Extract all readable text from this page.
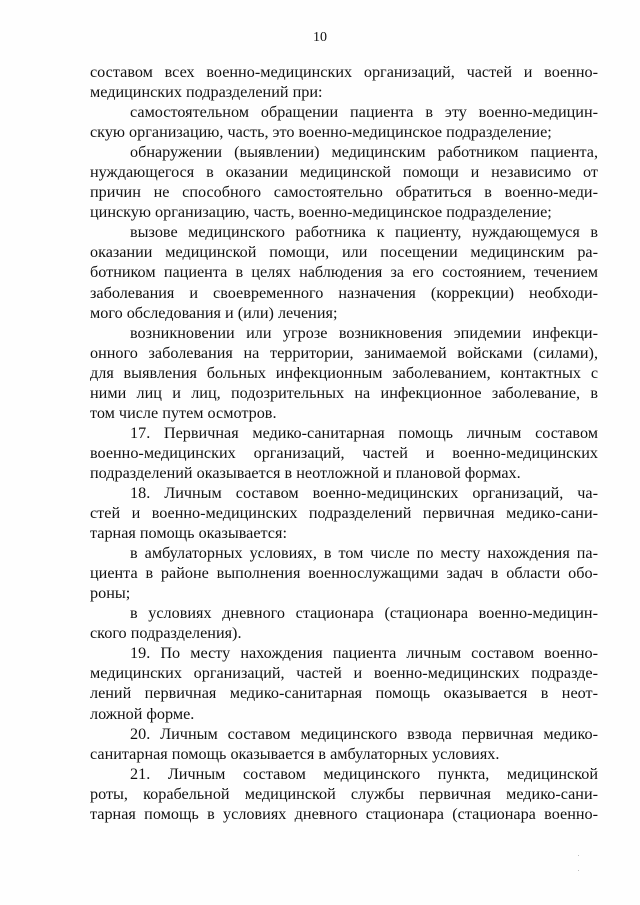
10
составом всех военно-медицинских организаций, частей и военно-
медицинских подразделений при:
самостоятельном обращении пациента в эту военно-медицин-
скую организацию, часть, это военно-медицинское подразделение;
обнаружении (выявлении) медицинским работником пациента,
нуждающегося в оказании медицинской помощи и независимо от
причин не способного самостоятельно обратиться в военно-меди-
цинскую организацию, часть, военно-медицинское подразделение;
вызове медицинского работника к пациенту, нуждающемуся в
оказании медицинской помощи, или посещении медицинским ра-
ботником пациента в целях наблюдения за его состоянием, течением
заболевания и своевременного назначения (коррекции) необходи-
мого обследования и (или) лечения;
возникновении или угрозе возникновения эпидемии инфекци-
онного заболевания на территории, занимаемой войсками (силами),
для выявления больных инфекционным заболеванием, контактных с
ними лиц и лиц, подозрительных на инфекционное заболевание, в
том числе путем осмотров.
17. Первичная медико-санитарная помощь личным составом
военно-медицинских организаций, частей и военно-медицинских
подразделений оказывается в неотложной и плановой формах.
18. Личным составом военно-медицинских организаций, ча-
стей и военно-медицинских подразделений первичная медико-сани-
тарная помощь оказывается:
в амбулаторных условиях, в том числе по месту нахождения па-
циента в районе выполнения военнослужащими задач в области обо-
роны;
в условиях дневного стационара (стационара военно-медицин-
ского подразделения).
19. По месту нахождения пациента личным составом военно-
медицинских организаций, частей и военно-медицинских подразде-
лений первичная медико-санитарная помощь оказывается в неот-
ложной форме.
20. Личным составом медицинского взвода первичная медико-
санитарная помощь оказывается в амбулаторных условиях.
21. Личным составом медицинского пункта, медицинской
роты, корабельной медицинской службы первичная медико-сани-
тарная помощь в условиях дневного стационара (стационара военно-
